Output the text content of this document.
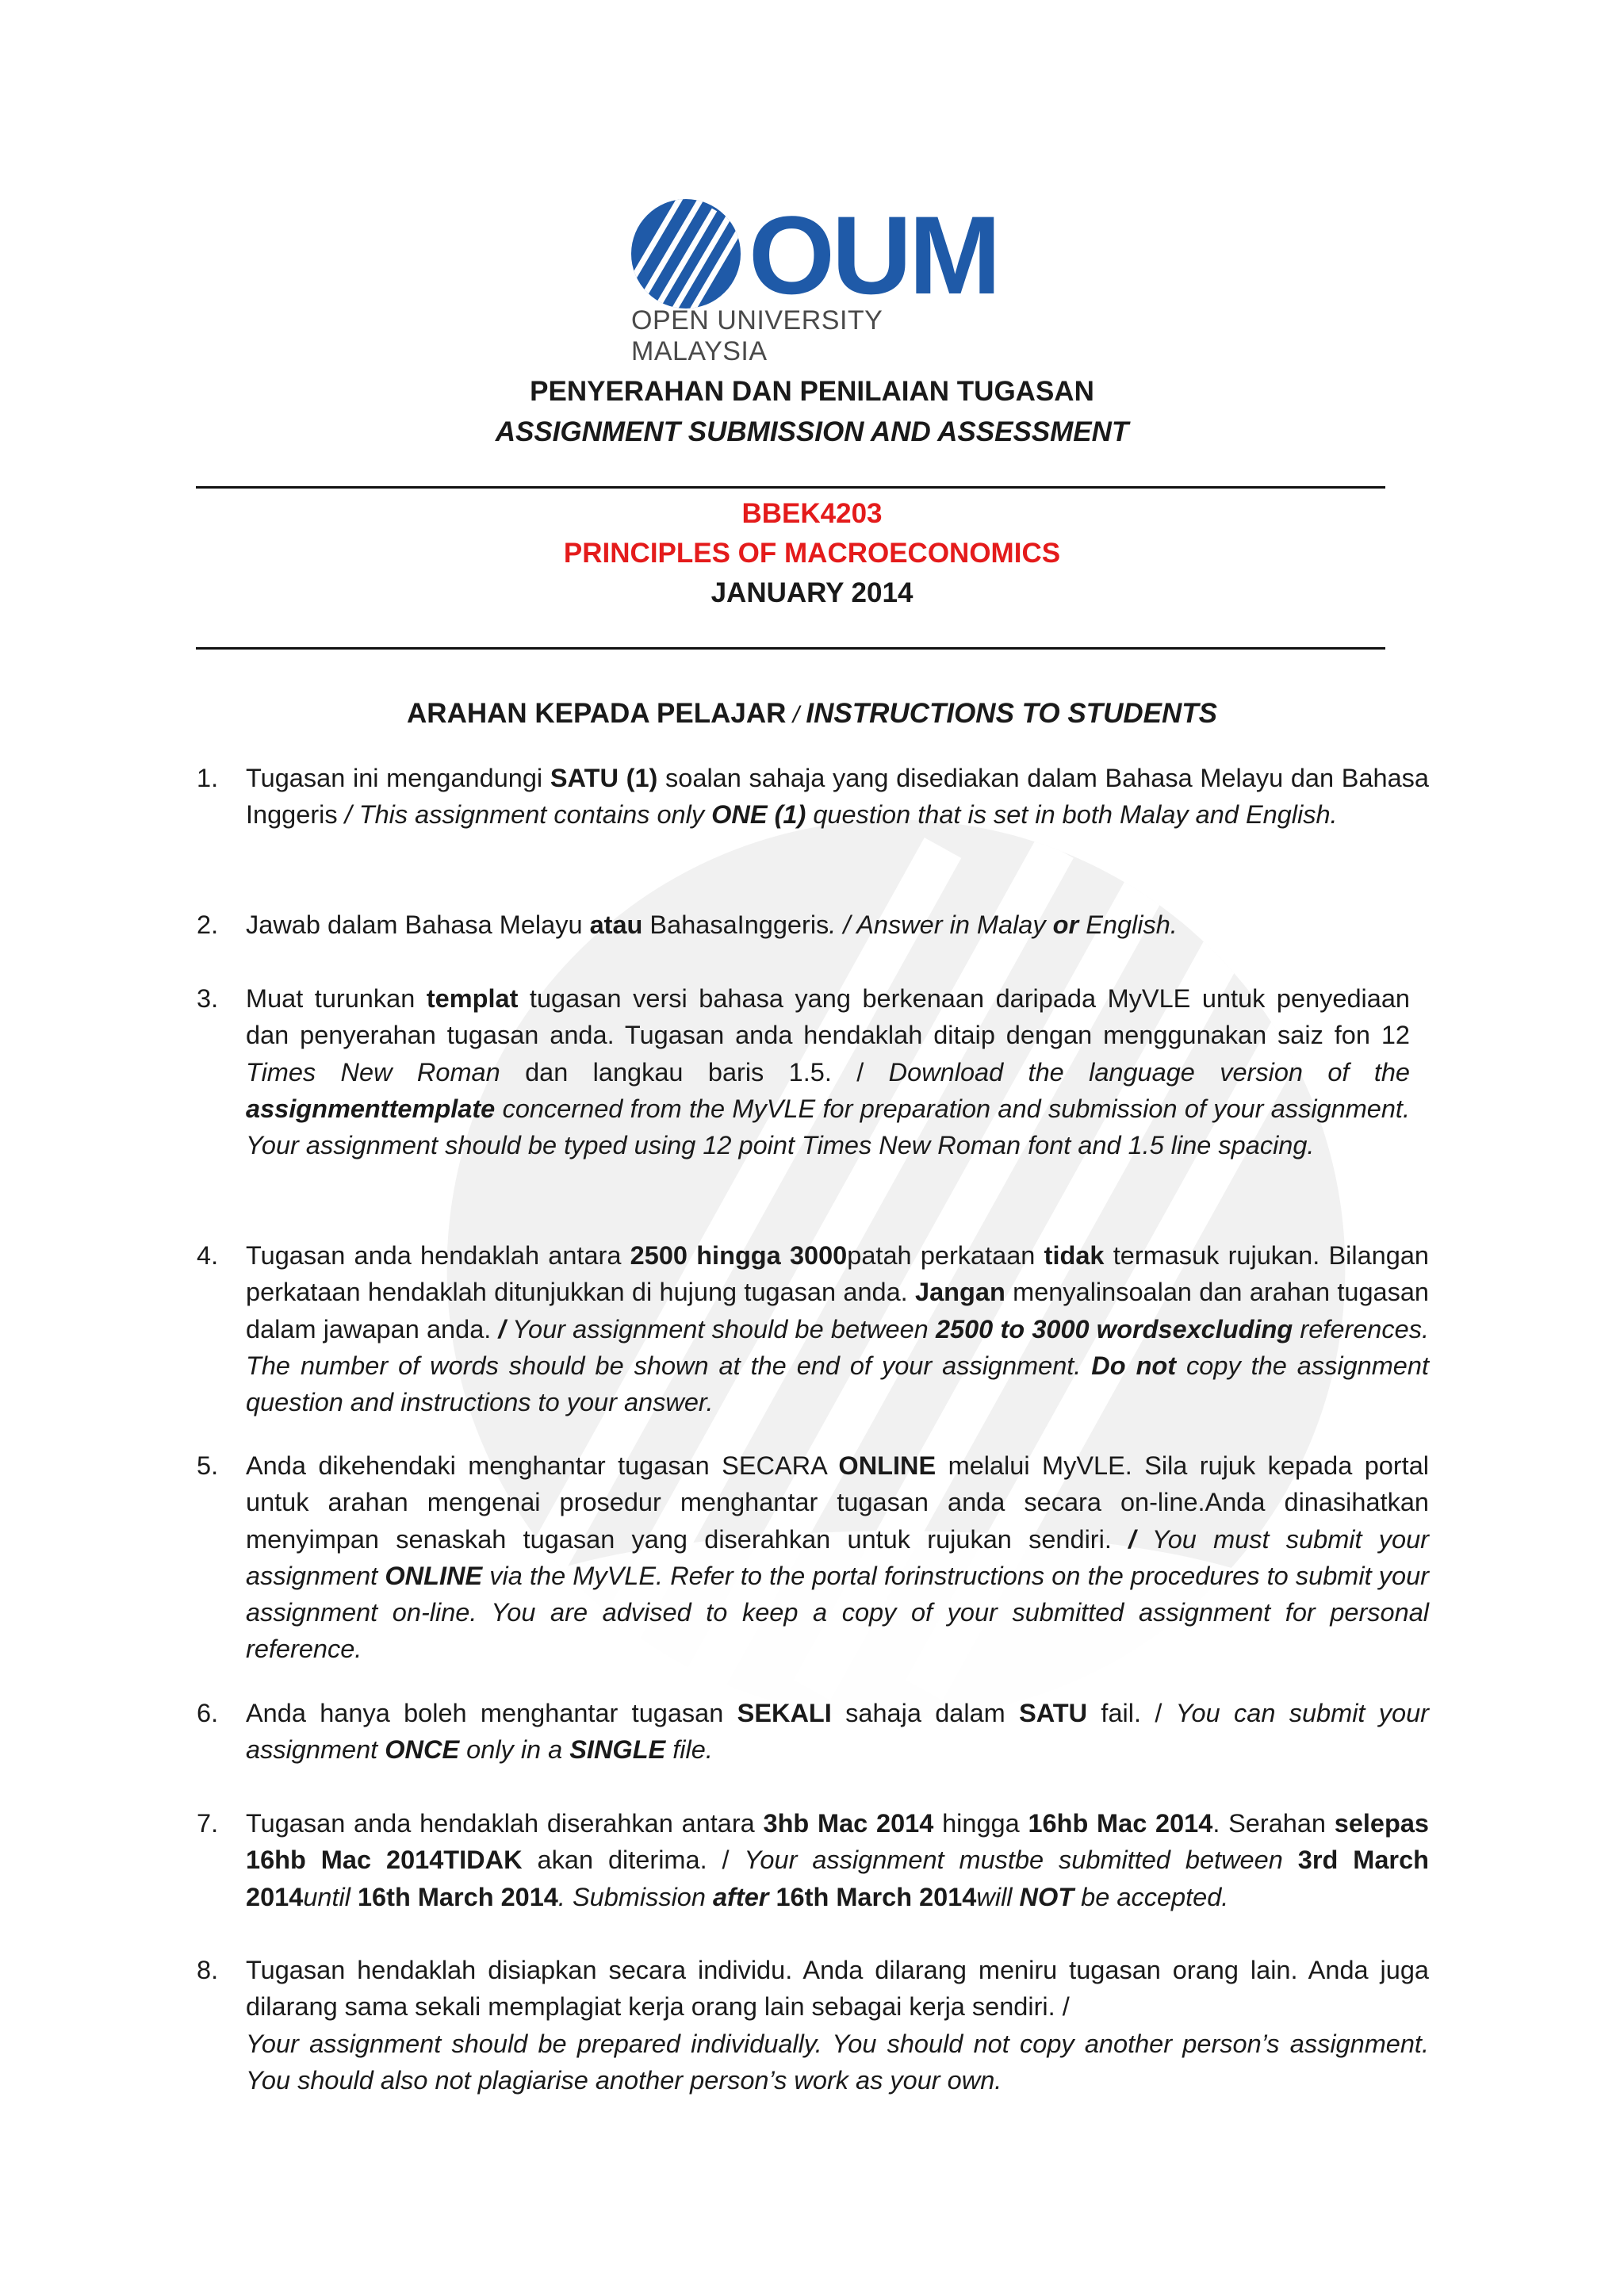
OUM
OPEN UNIVERSITY MALAYSIA
PENYERAHAN DAN PENILAIAN TUGASAN
ASSIGNMENT SUBMISSION AND ASSESSMENT
BBEK4203
PRINCIPLES OF MACROECONOMICS
JANUARY 2014
ARAHAN KEPADA PELAJAR / INSTRUCTIONS TO STUDENTS
1. Tugasan ini mengandungi SATU (1) soalan sahaja yang disediakan dalam Bahasa Melayu dan Bahasa Inggeris / This assignment contains only ONE (1) question that is set in both Malay and English.
2. Jawab dalam Bahasa Melayu atau BahasaInggeris. / Answer in Malay or English.
3. Muat turunkan templat tugasan versi bahasa yang berkenaan daripada MyVLE untuk penyediaan dan penyerahan tugasan anda. Tugasan anda hendaklah ditaip dengan menggunakan saiz fon 12 Times New Roman dan langkau baris 1.5. / Download the language version of the assignmenttemplate concerned from the MyVLE for preparation and submission of your assignment. Your assignment should be typed using 12 point Times New Roman font and 1.5 line spacing.
4. Tugasan anda hendaklah antara 2500 hingga 3000patah perkataan tidak termasuk rujukan. Bilangan perkataan hendaklah ditunjukkan di hujung tugasan anda. Jangan menyalinsoalan dan arahan tugasan dalam jawapan anda. / Your assignment should be between 2500 to 3000 wordsexcluding references. The number of words should be shown at the end of your assignment. Do not copy the assignment question and instructions to your answer.
5. Anda dikehendaki menghantar tugasan SECARA ONLINE melalui MyVLE. Sila rujuk kepada portal untuk arahan mengenai prosedur menghantar tugasan anda secara on-line.Anda dinasihatkan menyimpan senaskah tugasan yang diserahkan untuk rujukan sendiri. / You must submit your assignment ONLINE via the MyVLE. Refer to the portal forinstructions on the procedures to submit your assignment on-line. You are advised to keep a copy of your submitted assignment for personal reference.
6. Anda hanya boleh menghantar tugasan SEKALI sahaja dalam SATU fail. / You can submit your assignment ONCE only in a SINGLE file.
7. Tugasan anda hendaklah diserahkan antara 3hb Mac 2014 hingga 16hb Mac 2014. Serahan selepas 16hb Mac 2014TIDAK akan diterima. / Your assignment mustbe submitted between 3rd March 2014until 16th March 2014. Submission after 16th March 2014will NOT be accepted.
8. Tugasan hendaklah disiapkan secara individu. Anda dilarang meniru tugasan orang lain. Anda juga dilarang sama sekali memplagiat kerja orang lain sebagai kerja sendiri. /
Your assignment should be prepared individually. You should not copy another person’s assignment. You should also not plagiarise another person’s work as your own.
